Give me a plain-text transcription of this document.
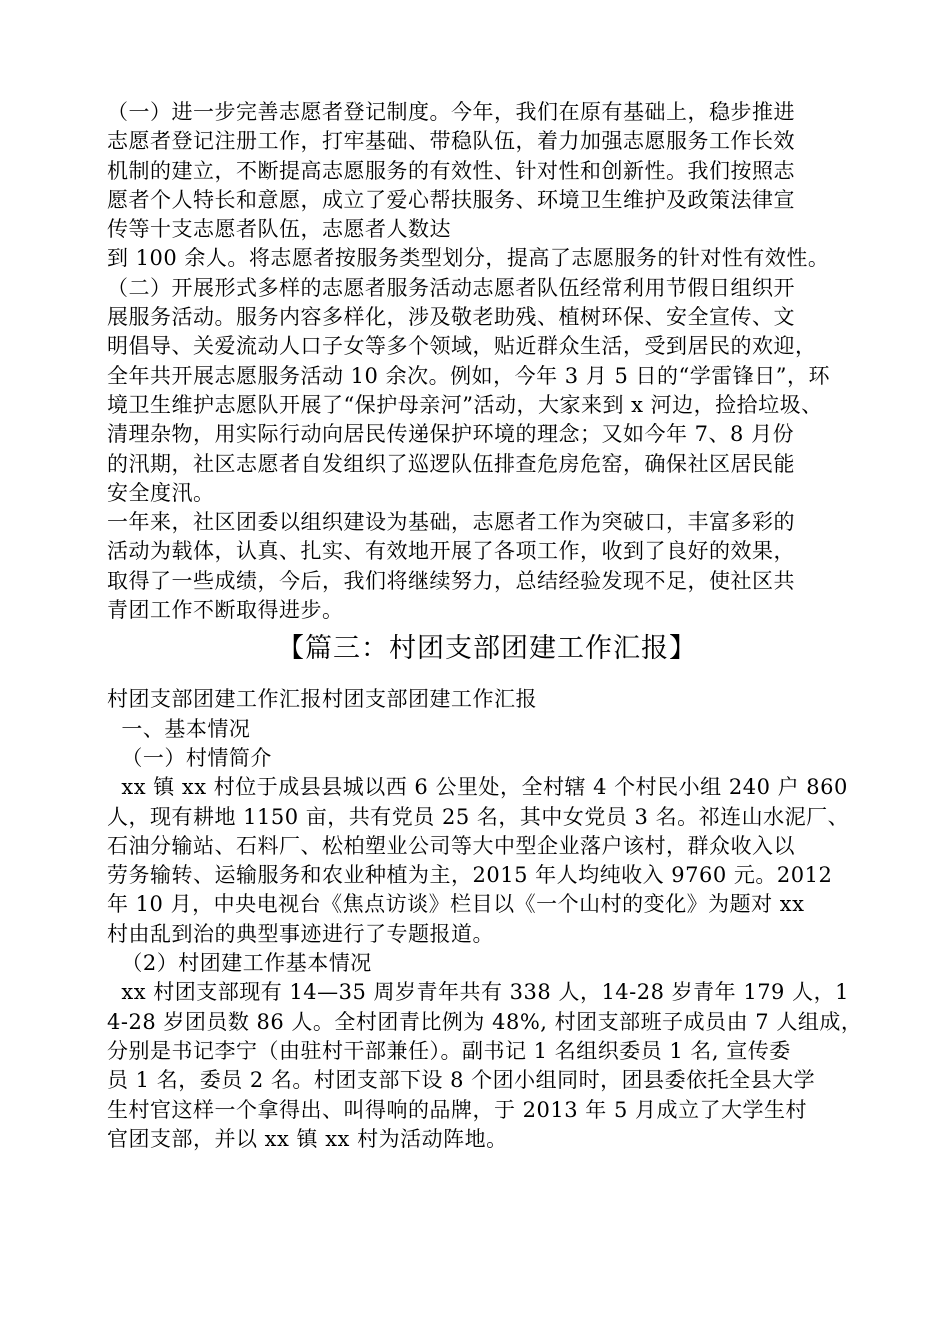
（一）进一步完善志愿者登记制度。今年，我们在原有基础上，稳步推进
志愿者登记注册工作，打牢基础、带稳队伍，着力加强志愿服务工作长效
机制的建立，不断提高志愿服务的有效性、针对性和创新性。我们按照志
愿者个人特长和意愿，成立了爱心帮扶服务、环境卫生维护及政策法律宣
传等十支志愿者队伍，志愿者人数达
到 100 余人。将志愿者按服务类型划分，提高了志愿服务的针对性有效性。
（二）开展形式多样的志愿者服务活动志愿者队伍经常利用节假日组织开
展服务活动。服务内容多样化，涉及敬老助残、植树环保、安全宣传、文
明倡导、关爱流动人口子女等多个领域，贴近群众生活，受到居民的欢迎，
全年共开展志愿服务活动 10 余次。例如，今年 3 月 5 日的“学雷锋日”，环
境卫生维护志愿队开展了“保护母亲河”活动，大家来到 x 河边，捡拾垃圾、
清理杂物，用实际行动向居民传递保护环境的理念；又如今年 7、8 月份
的汛期，社区志愿者自发组织了巡逻队伍排查危房危窑，确保社区居民能
安全度汛。
一年来，社区团委以组织建设为基础，志愿者工作为突破口，丰富多彩的
活动为载体，认真、扎实、有效地开展了各项工作，收到了良好的效果，
取得了一些成绩，今后，我们将继续努力，总结经验发现不足，使社区共
青团工作不断取得进步。
【篇三：村团支部团建工作汇报】
村团支部团建工作汇报村团支部团建工作汇报
一、基本情况
（一）村情简介
xx 镇 xx 村位于成县县城以西 6 公里处，全村辖 4 个村民小组 240 户 860
人，现有耕地 1150 亩，共有党员 25 名，其中女党员 3 名。祁连山水泥厂、
石油分输站、石料厂、松柏塑业公司等大中型企业落户该村，群众收入以
劳务输转、运输服务和农业种植为主，2015 年人均纯收入 9760 元。2012
年 10 月，中央电视台《焦点访谈》栏目以《一个山村的变化》为题对 xx
村由乱到治的典型事迹进行了专题报道。
（2）村团建工作基本情况
xx 村团支部现有 14—35 周岁青年共有 338 人，14-28 岁青年 179 人，1
4-28 岁团员数 86 人。全村团青比例为 48%, 村团支部班子成员由 7 人组成，
分别是书记李宁（由驻村干部兼任）。副书记 1 名组织委员 1 名, 宣传委
员 1 名，委员 2 名。村团支部下设 8 个团小组同时，团县委依托全县大学
生村官这样一个拿得出、叫得响的品牌，于 2013 年 5 月成立了大学生村
官团支部，并以 xx 镇 xx 村为活动阵地。
